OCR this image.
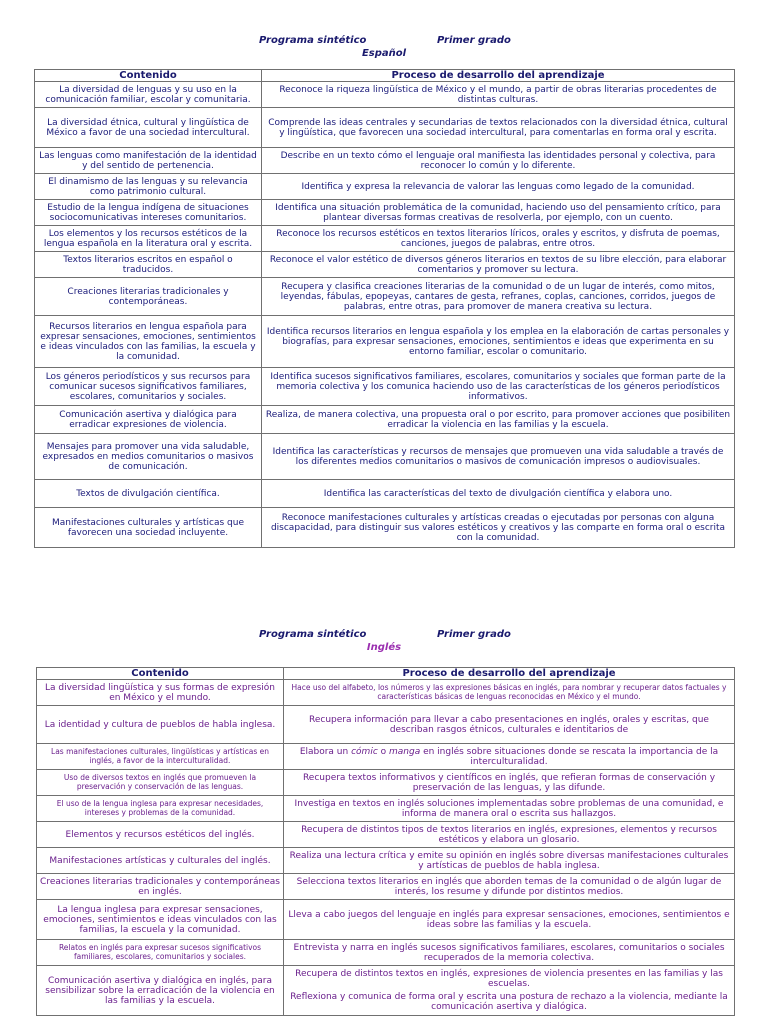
Programa sintético	Primer grado
Español
Contenido	Proceso de desarrollo del aprendizaje
La diversidad de lenguas y su uso en la comunicación familiar, escolar y comunitaria.	Reconoce la riqueza lingüística de México y el mundo, a partir de obras literarias procedentes de distintas culturas.
La diversidad étnica, cultural y lingüística de México a favor de una sociedad intercultural.	Comprende las ideas centrales y secundarias de textos relacionados con la diversidad étnica, cultural y lingüística, que favorecen una sociedad intercultural, para comentarlas en forma oral y escrita.
Las lenguas como manifestación de la identidad y del sentido de pertenencia.	Describe en un texto cómo el lenguaje oral manifiesta las identidades personal y colectiva, para reconocer lo común y lo diferente.
El dinamismo de las lenguas y su relevancia como patrimonio cultural.	Identifica y expresa la relevancia de valorar las lenguas como legado de la comunidad.
Estudio de la lengua indígena de situaciones sociocomunicativas intereses comunitarios.	Identifica una situación problemática de la comunidad, haciendo uso del pensamiento crítico, para plantear diversas formas creativas de resolverla, por ejemplo, con un cuento.
Los elementos y los recursos estéticos de la lengua española en la literatura oral y escrita.	Reconoce los recursos estéticos en textos literarios líricos, orales y escritos, y disfruta de poemas, canciones, juegos de palabras, entre otros.
Textos literarios escritos en español o traducidos.	Reconoce el valor estético de diversos géneros literarios en textos de su libre elección, para elaborar comentarios y promover su lectura.
Creaciones literarias tradicionales y contemporáneas.	Recupera y clasifica creaciones literarias de la comunidad o de un lugar de interés, como mitos, leyendas, fábulas, epopeyas, cantares de gesta, refranes, coplas, canciones, corridos, juegos de palabras, entre otras, para promover de manera creativa su lectura.
Recursos literarios en lengua española para expresar sensaciones, emociones, sentimientos e ideas vinculados con las familias, la escuela y la comunidad.	Identifica recursos literarios en lengua española y los emplea en la elaboración de cartas personales y biografías, para expresar sensaciones, emociones, sentimientos e ideas que experimenta en su entorno familiar, escolar o comunitario.
Los géneros periodísticos y sus recursos para comunicar sucesos significativos familiares, escolares, comunitarios y sociales.	Identifica sucesos significativos familiares, escolares, comunitarios y sociales que forman parte de la memoria colectiva y los comunica haciendo uso de las características de los géneros periodísticos informativos.
Comunicación asertiva y dialógica para erradicar expresiones de violencia.	Realiza, de manera colectiva, una propuesta oral o por escrito, para promover acciones que posibiliten erradicar la violencia en las familias y la escuela.
Mensajes para promover una vida saludable, expresados en medios comunitarios o masivos de comunicación.	Identifica las características y recursos de mensajes que promueven una vida saludable a través de los diferentes medios comunitarios o masivos de comunicación impresos o audiovisuales.
Textos de divulgación científica.	Identifica las características del texto de divulgación científica y elabora uno.
Manifestaciones culturales y artísticas que favorecen una sociedad incluyente.	Reconoce manifestaciones culturales y artísticas creadas o ejecutadas por personas con alguna discapacidad, para distinguir sus valores estéticos y creativos y las comparte en forma oral o escrita con la comunidad.
Programa sintético	Primer grado
Inglés
Contenido	Proceso de desarrollo del aprendizaje
La diversidad lingüística y sus formas de expresión en México y el mundo.	Hace uso del alfabeto, los números y las expresiones básicas en inglés, para nombrar y recuperar datos factuales y características básicas de lenguas reconocidas en México y el mundo.
La identidad y cultura de pueblos de habla inglesa.	Recupera información para llevar a cabo presentaciones en inglés, orales y escritas, que describan rasgos étnicos, culturales e identitarios de
Las manifestaciones culturales, lingüísticas y artísticas en inglés, a favor de la interculturalidad.	Elabora un cómic o manga en inglés sobre situaciones donde se rescata la importancia de la interculturalidad.
Uso de diversos textos en inglés que promueven la preservación y conservación de las lenguas.	Recupera textos informativos y científicos en inglés, que refieran formas de conservación y preservación de las lenguas, y las difunde.
El uso de la lengua inglesa para expresar necesidades, intereses y problemas de la comunidad.	Investiga en textos en inglés soluciones implementadas sobre problemas de una comunidad, e informa de manera oral o escrita sus hallazgos.
Elementos y recursos estéticos del inglés.	Recupera de distintos tipos de textos literarios en inglés, expresiones, elementos y recursos estéticos y elabora un glosario.
Manifestaciones artísticas y culturales del inglés.	Realiza una lectura crítica y emite su opinión en inglés sobre diversas manifestaciones culturales y artísticas de pueblos de habla inglesa.
Creaciones literarias tradicionales y contemporáneas en inglés.	Selecciona textos literarios en inglés que aborden temas de la comunidad o de algún lugar de interés, los resume y difunde por distintos medios.
La lengua inglesa para expresar sensaciones, emociones, sentimientos e ideas vinculados con las familias, la escuela y la comunidad.	Lleva a cabo juegos del lenguaje en inglés para expresar sensaciones, emociones, sentimientos e ideas sobre las familias y la escuela.
Relatos en inglés para expresar sucesos significativos familiares, escolares, comunitarios y sociales.	Entrevista y narra en inglés sucesos significativos familiares, escolares, comunitarios o sociales recuperados de la memoria colectiva.
Comunicación asertiva y dialógica en inglés, para sensibilizar sobre la erradicación de la violencia en las familias y la escuela.	Recupera de distintos textos en inglés, expresiones de violencia presentes en las familias y las escuelas.
Reflexiona y comunica de forma oral y escrita una postura de rechazo a la violencia, mediante la comunicación asertiva y dialógica.
